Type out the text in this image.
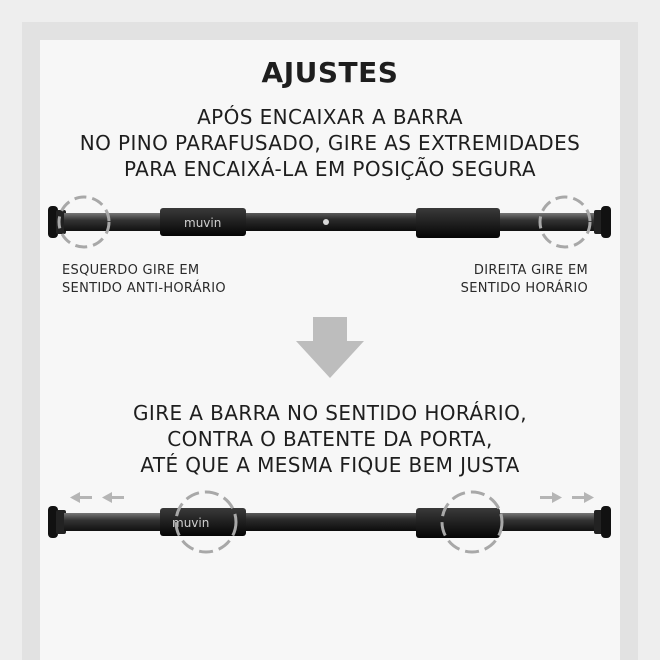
AJUSTES
APÓS ENCAIXAR A BARRA
NO PINO PARAFUSADO, GIRE AS EXTREMIDADES
PARA ENCAIXÁ-LA EM POSIÇÃO SEGURA
ESQUERDO GIRE EM
SENTIDO ANTI-HORÁRIO
DIREITA GIRE EM
SENTIDO HORÁRIO
GIRE A BARRA NO SENTIDO HORÁRIO,
CONTRA O BATENTE DA PORTA,
ATÉ QUE A MESMA FIQUE BEM JUSTA
muvin
muvin
